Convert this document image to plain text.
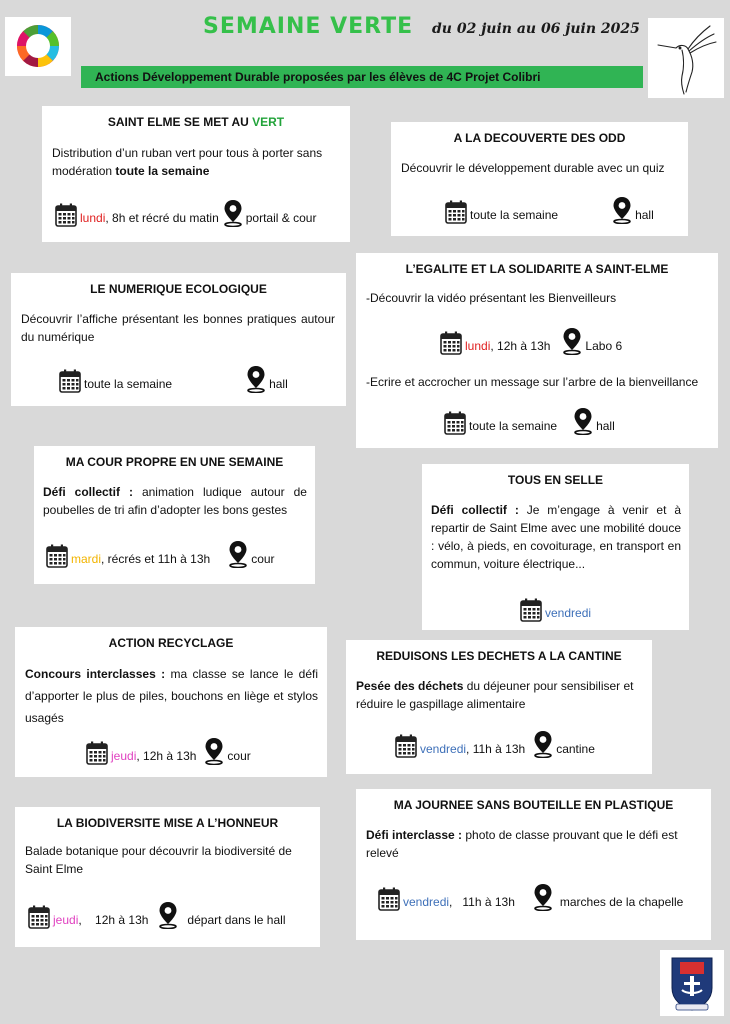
SEMAINE VERTE du 02 juin au 06 juin 2025
Actions Développement Durable proposées par les élèves de 4C Projet Colibri
SAINT ELME SE MET AU VERT
Distribution d’un ruban vert pour tous à porter sans modération toute la semaine
lundi , 8h et récré du matin portail & cour
A LA DECOUVERTE DES ODD
Découvrir le développement durable avec un quiz
toute la semaine	hall
LE NUMERIQUE ECOLOGIQUE
Découvrir l’affiche présentant les bonnes pratiques autour du numérique
toute la semaine	hall
L’EGALITE ET LA SOLIDARITE A SAINT-ELME
-Découvrir la vidéo présentant les Bienveilleurs
lundi , 12h à 13h	Labo 6
-Ecrire et accrocher un message sur l’arbre de la bienveillance
toute la semaine	hall
MA COUR PROPRE EN UNE SEMAINE
Défi collectif : animation ludique autour de poubelles de tri afin d’adopter les bons gestes
mardi , récrés et 11h à 13h	cour
TOUS EN SELLE
Défi collectif : Je m’engage à venir et à repartir de Saint Elme avec une mobilité douce : vélo, à pieds, en covoiturage, en transport en commun, voiture électrique...
vendredi
ACTION RECYCLAGE
Concours interclasses : ma classe se lance le défi d’apporter le plus de piles, bouchons en liège et stylos usagés
jeudi , 12h à 13h	cour
REDUISONS LES DECHETS A LA CANTINE
Pesée des déchets du déjeuner pour sensibiliser et réduire le gaspillage alimentaire
vendredi , 11h à 13h	cantine
LA BIODIVERSITE MISE A L’HONNEUR
Balade botanique pour découvrir la biodiversité de Saint Elme
jeudi ,    12h à 13h	départ dans le hall
MA JOURNEE SANS BOUTEILLE EN PLASTIQUE
Défi interclasse : photo de classe prouvant que le défi est relevé
vendredi ,   11h à 13h	marches de la chapelle
